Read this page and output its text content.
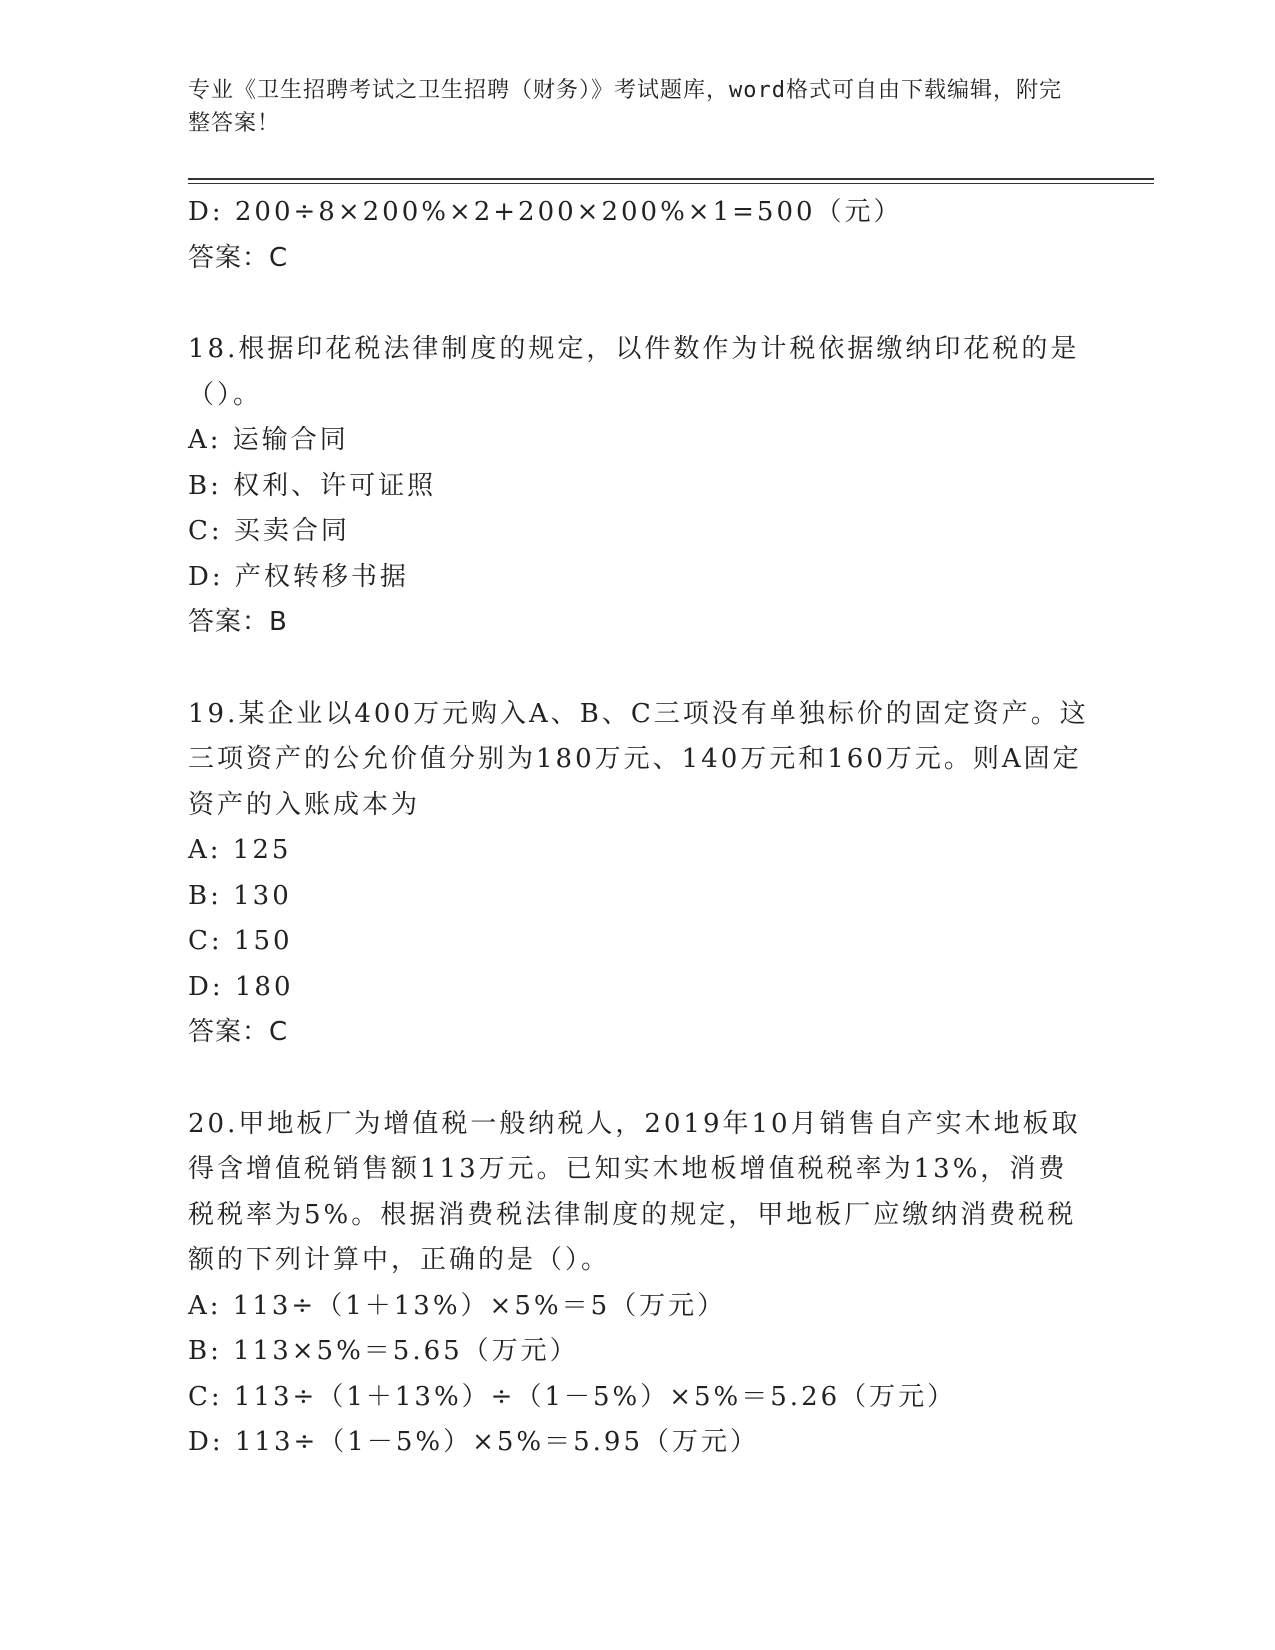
专业《卫生招聘考试之卫生招聘（财务）》考试题库，word格式可自由下载编辑，附完整答案！
D: 200÷8×200%×2+200×200%×1=500（元）
答案：C
18.根据印花税法律制度的规定，以件数作为计税依据缴纳印花税的是
（）。
A: 运输合同
B: 权利、许可证照
C: 买卖合同
D: 产权转移书据
答案：B
19.某企业以400万元购入A、B、C三项没有单独标价的固定资产。这
三项资产的公允价值分别为180万元、140万元和160万元。则A固定
资产的入账成本为
A: 125
B: 130
C: 150
D: 180
答案：C
20.甲地板厂为增值税一般纳税人，2019年10月销售自产实木地板取
得含增值税销售额113万元。已知实木地板增值税税率为13%，消费
税税率为5%。根据消费税法律制度的规定，甲地板厂应缴纳消费税税
额的下列计算中，正确的是（）。
A: 113÷（1＋13%）×5%＝5（万元）
B: 113×5%＝5.65（万元）
C: 113÷（1＋13%）÷（1－5%）×5%＝5.26（万元）
D: 113÷（1－5%）×5%＝5.95（万元）
